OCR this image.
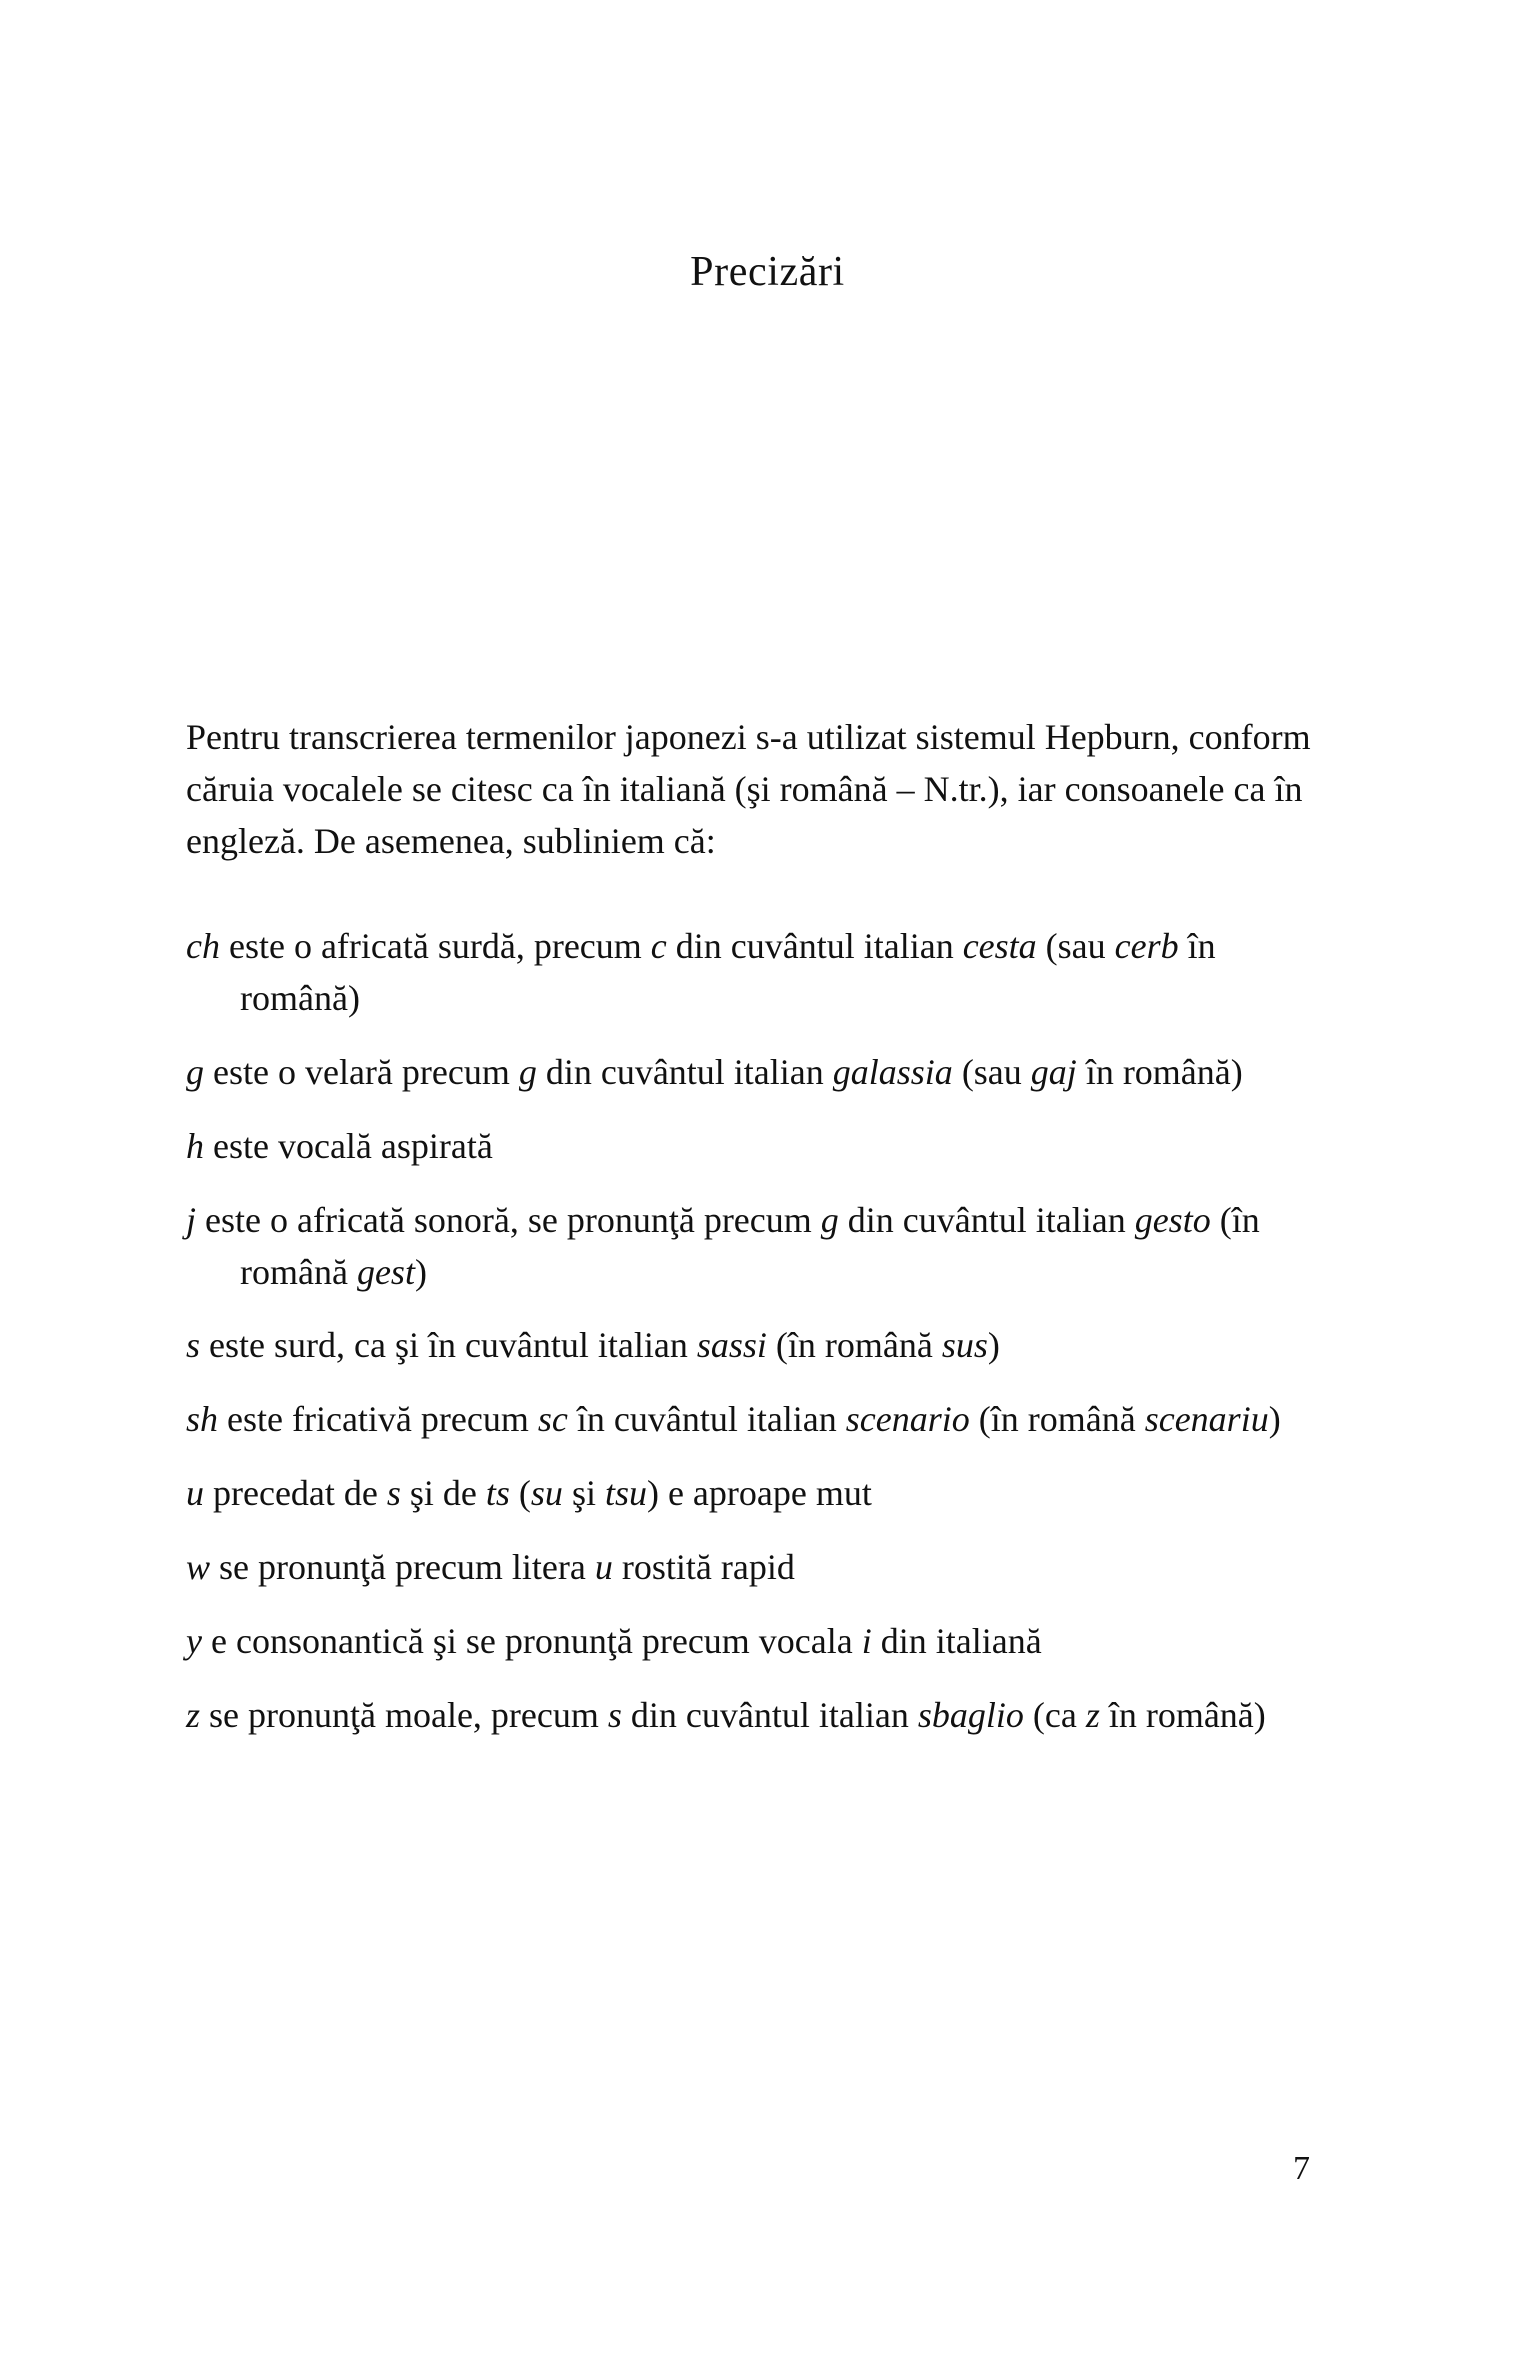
Precizări

Pentru transcrierea termenilor japonezi s-a utilizat sistemul Hepburn, conform căruia vocalele se citesc ca în italiană (şi română – N.tr.), iar consoanele ca în engleză. De asemenea, subliniem că:

ch este o africată surdă, precum c din cuvântul italian cesta (sau cerb în română)
g este o velară precum g din cuvântul italian galassia (sau gaj în română)
h este vocală aspirată
j este o africată sonoră, se pronunţă precum g din cuvântul italian gesto (în română gest)
s este surd, ca şi în cuvântul italian sassi (în română sus)
sh este fricativă precum sc în cuvântul italian scenario (în română scenariu)
u precedat de s şi de ts (su şi tsu) e aproape mut
w se pronunţă precum litera u rostită rapid
y e consonantică şi se pronunţă precum vocala i din italiană
z se pronunţă moale, precum s din cuvântul italian sbaglio (ca z în română)
7
